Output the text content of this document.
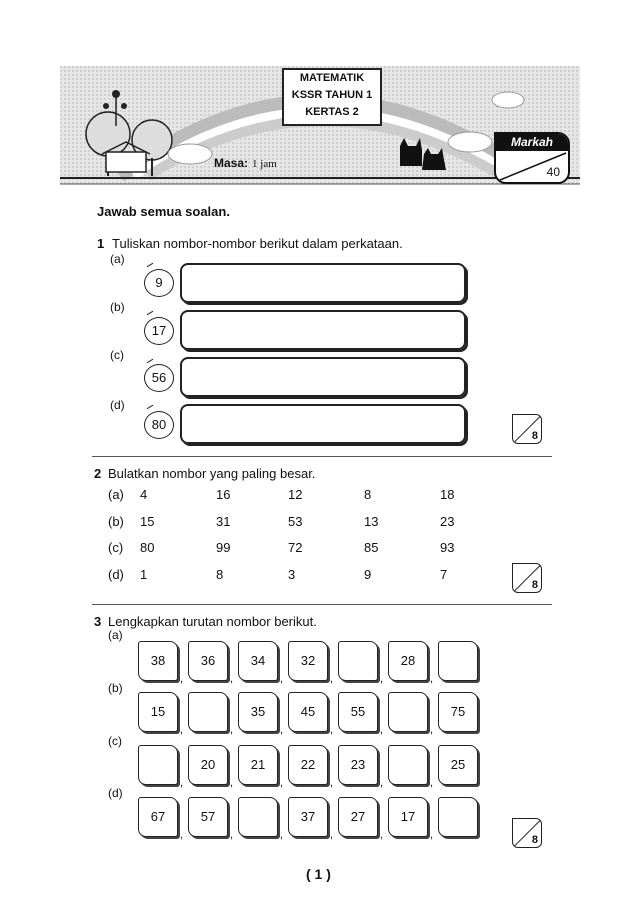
MATEMATIK
KSSR TAHUN 1
KERTAS 2
Masa: 1 jam
Markah
40
Jawab semua soalan.
1 Tuliskan nombor-nombor berikut dalam perkataan.
(a)
9
(b)
17
(c)
56
(d)
80
8
2 Bulatkan nombor yang paling besar.
(a) 4	16	12	8	18
(b) 15	31	53	13	23
(c) 80	99	72	85	93
(d) 1	8	3	9	7
8
3 Lengkapkan turutan nombor berikut.
(a)
38
,
36
,
34
,
32
,	,
28
,
(b)
15
,	,
35
,
45
,
55
,	,
75
(c)
,
20
,
21
,
22
,
23
,	,
25
(d)
67
,
57
,	,
37
,
27
,
17
,	8
( 1 )
